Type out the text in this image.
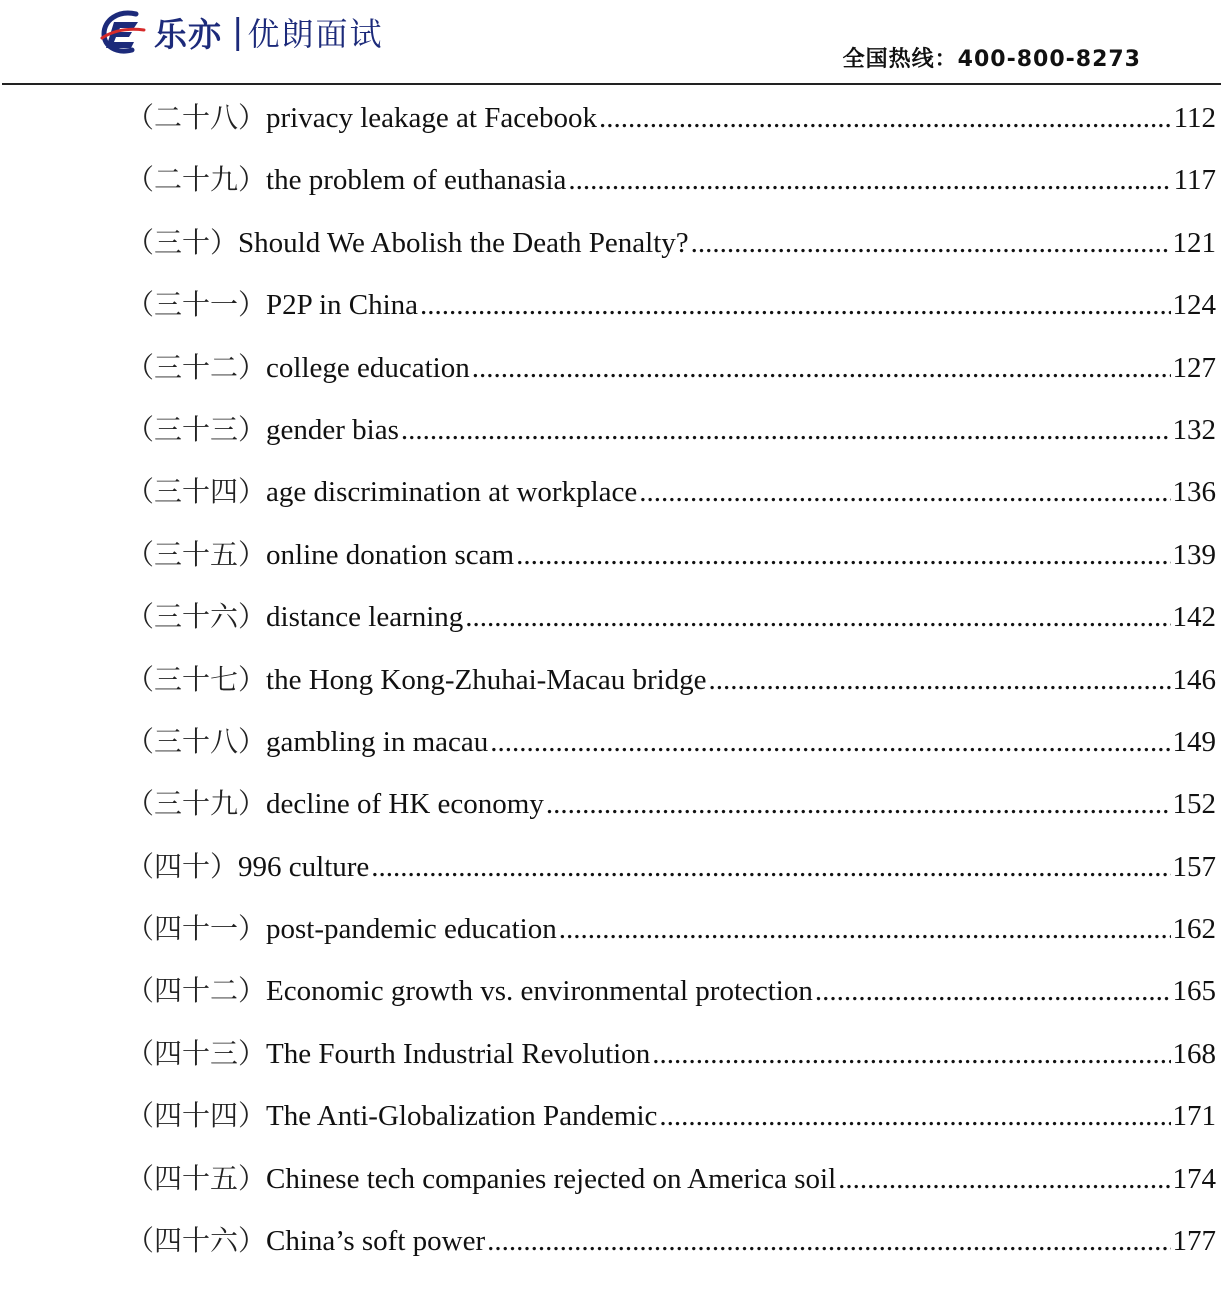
乐亦 | 优朗面试
全国热线：400-800-8273
（二十八） privacy leakage at Facebook .....	112
（二十九） the problem of euthanasia .....	117
（三十） Should We Abolish the Death Penalty? .....	121
（三十一） P2P in China .....	124
（三十二） college education .....	127
（三十三） gender bias .....	132
（三十四） age discrimination at workplace .....	136
（三十五） online donation scam .....	139
（三十六） distance learning .....	142
（三十七） the Hong Kong-Zhuhai-Macau bridge .....	146
（三十八） gambling in macau .....	149
（三十九） decline of HK economy .....	152
（四十） 996 culture .....	157
（四十一） post-pandemic education .....	162
（四十二） Economic growth vs. environmental protection .....	165
（四十三） The Fourth Industrial Revolution .....	168
（四十四） The Anti-Globalization Pandemic .....	171
（四十五） Chinese tech companies rejected on America soil .....	174
（四十六） China’s soft power .....	177
